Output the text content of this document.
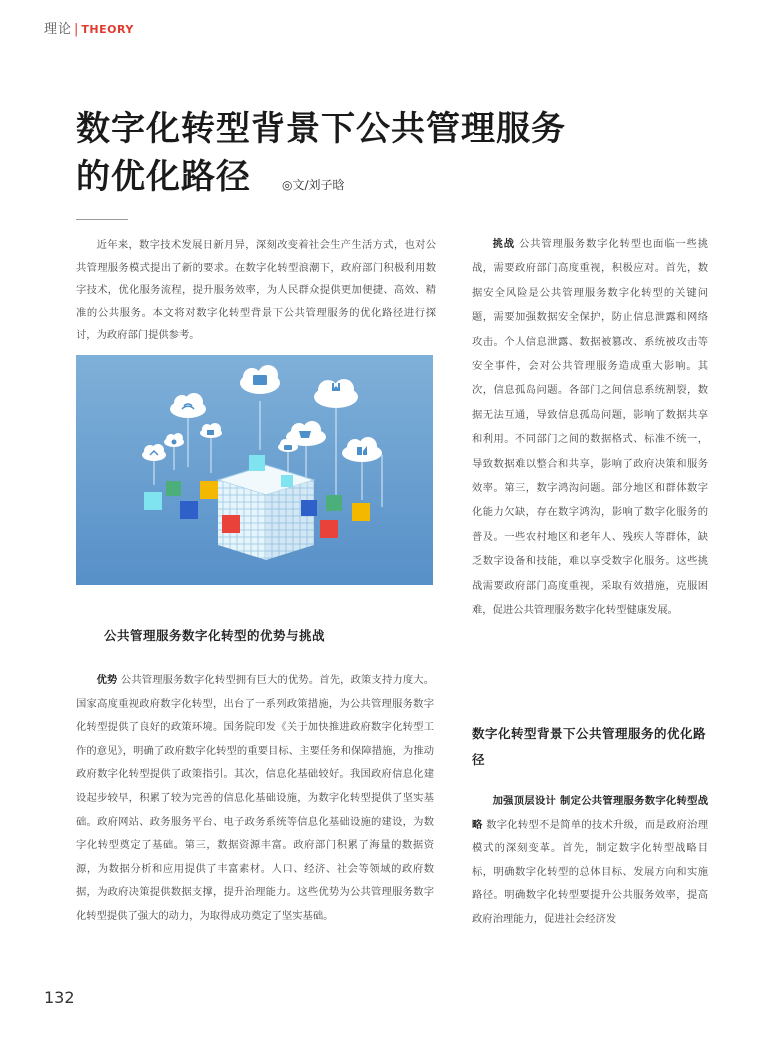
理论 | THEORY
数字化转型背景下公共管理服务
的优化路径	◎文∕刘子晗

近年来，数字技术发展日新月异，深刻改变着社会生产生活方式，也对公共管理服务模式提出了新的要求。在数字化转型浪潮下，政府部门积极利用数字技术，优化服务流程，提升服务效率，为人民群众提供更加便捷、高效、精准的公共服务。本文将对数字化转型背景下公共管理服务的优化路径进行探讨，为政府部门提供参考。

公共管理服务数字化转型的优势与挑战

优势 公共管理服务数字化转型拥有巨大的优势。首先，政策支持力度大。国家高度重视政府数字化转型，出台了一系列政策措施，为公共管理服务数字化转型提供了良好的政策环境。国务院印发《关于加快推进政府数字化转型工作的意见》，明确了政府数字化转型的重要目标、主要任务和保障措施，为推动政府数字化转型提供了政策指引。其次，信息化基础较好。我国政府信息化建设起步较早，积累了较为完善的信息化基础设施，为数字化转型提供了坚实基础。政府网站、政务服务平台、电子政务系统等信息化基础设施的建设，为数字化转型奠定了基础。第三，数据资源丰富。政府部门积累了海量的数据资源，为数据分析和应用提供了丰富素材。人口、经济、社会等领域的政府数据，为政府决策提供数据支撑，提升治理能力。这些优势为公共管理服务数字化转型提供了强大的动力，为取得成功奠定了坚实基础。

挑战 公共管理服务数字化转型也面临一些挑战，需要政府部门高度重视，积极应对。首先，数据安全风险是公共管理服务数字化转型的关键问题，需要加强数据安全保护，防止信息泄露和网络攻击。个人信息泄露、数据被篡改、系统被攻击等安全事件，会对公共管理服务造成重大影响。其次，信息孤岛问题。各部门之间信息系统割裂，数据无法互通，导致信息孤岛问题，影响了数据共享和利用。不同部门之间的数据格式、标准不统一，导致数据难以整合和共享，影响了政府决策和服务效率。第三，数字鸿沟问题。部分地区和群体数字化能力欠缺，存在数字鸿沟，影响了数字化服务的普及。一些农村地区和老年人、残疾人等群体，缺乏数字设备和技能，难以享受数字化服务。这些挑战需要政府部门高度重视，采取有效措施，克服困难，促进公共管理服务数字化转型健康发展。

数字化转型背景下公共管理服务的优化路径

加强顶层设计 制定公共管理服务数字化转型战略 数字化转型不是简单的技术升级，而是政府治理模式的深刻变革。首先，制定数字化转型战略目标，明确数字化转型的总体目标、发展方向和实施路径。明确数字化转型要提升公共服务效率，提高政府治理能力，促进社会经济发

132
